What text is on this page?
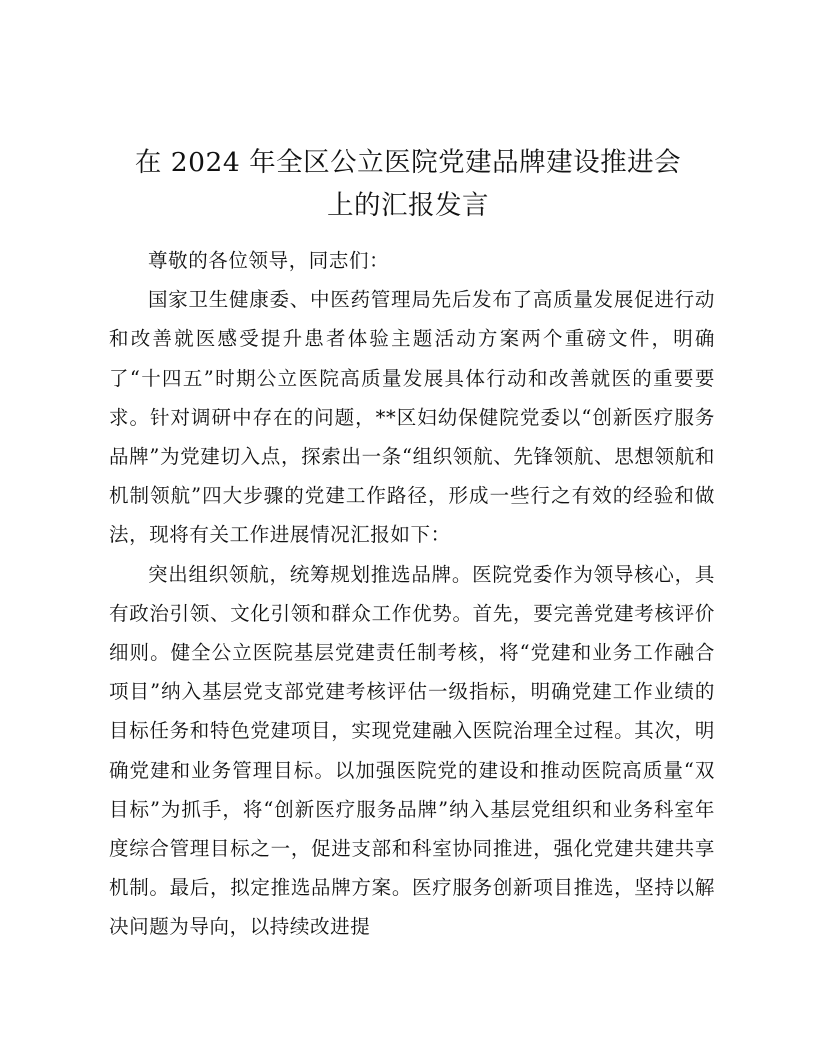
在 2024 年全区公立医院党建品牌建设推进会
上的汇报发言

尊敬的各位领导，同志们：

国家卫生健康委、中医药管理局先后发布了高质量发展促进行动和改善就医感受提升患者体验主题活动方案两个重磅文件，明确了“十四五”时期公立医院高质量发展具体行动和改善就医的重要要求。针对调研中存在的问题，**区妇幼保健院党委以“创新医疗服务品牌”为党建切入点，探索出一条“组织领航、先锋领航、思想领航和机制领航”四大步骤的党建工作路径，形成一些行之有效的经验和做法，现将有关工作进展情况汇报如下：

突出组织领航，统筹规划推选品牌。医院党委作为领导核心，具有政治引领、文化引领和群众工作优势。首先，要完善党建考核评价细则。健全公立医院基层党建责任制考核，将“党建和业务工作融合项目”纳入基层党支部党建考核评估一级指标，明确党建工作业绩的目标任务和特色党建项目，实现党建融入医院治理全过程。其次，明确党建和业务管理目标。以加强医院党的建设和推动医院高质量“双目标”为抓手，将“创新医疗服务品牌”纳入基层党组织和业务科室年度综合管理目标之一，促进支部和科室协同推进，强化党建共建共享机制。最后，拟定推选品牌方案。医疗服务创新项目推选，坚持以解决问题为导向，以持续改进提
